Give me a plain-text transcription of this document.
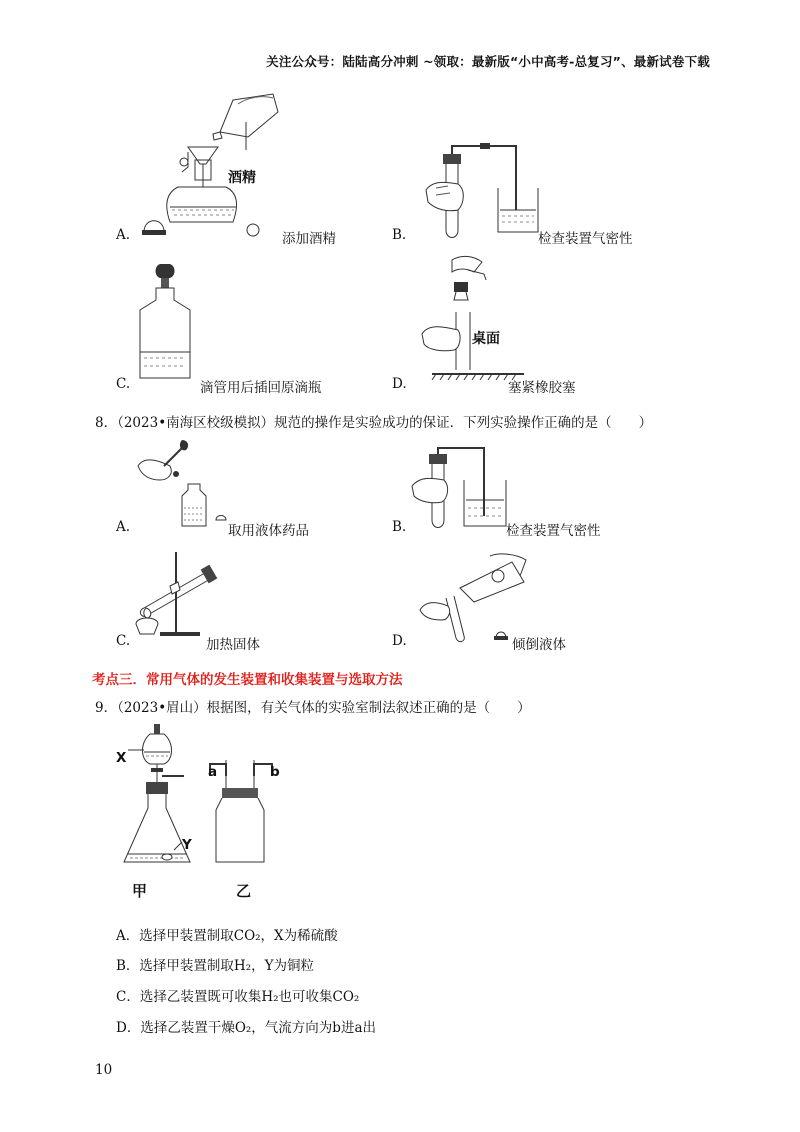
关注公众号：陆陆高分冲刺 ~领取：最新版“小中高考-总复习”、最新试卷下载
酒精
A.	添加酒精	B.	检查装置气密性
C.	滴管用后插回原滴瓶
桌面
D.	塞紧橡胶塞
8．（2023•南海区校级模拟）规范的操作是实验成功的保证．下列实验操作正确的是（　　）
A.	取用液体药品	B.	检查装置气密性
C.	加热固体	D.	倾倒液体
考点三．常用气体的发生装置和收集装置与选取方法
9．（2023•眉山）根据图，有关气体的实验室制法叙述正确的是（　　）
X
Y
a	b
甲	乙
A．选择甲装置制取CO₂，X为稀硫酸
B．选择甲装置制取H₂，Y为铜粒
C．选择乙装置既可收集H₂也可收集CO₂
D．选择乙装置干燥O₂，气流方向为b进a出
10
